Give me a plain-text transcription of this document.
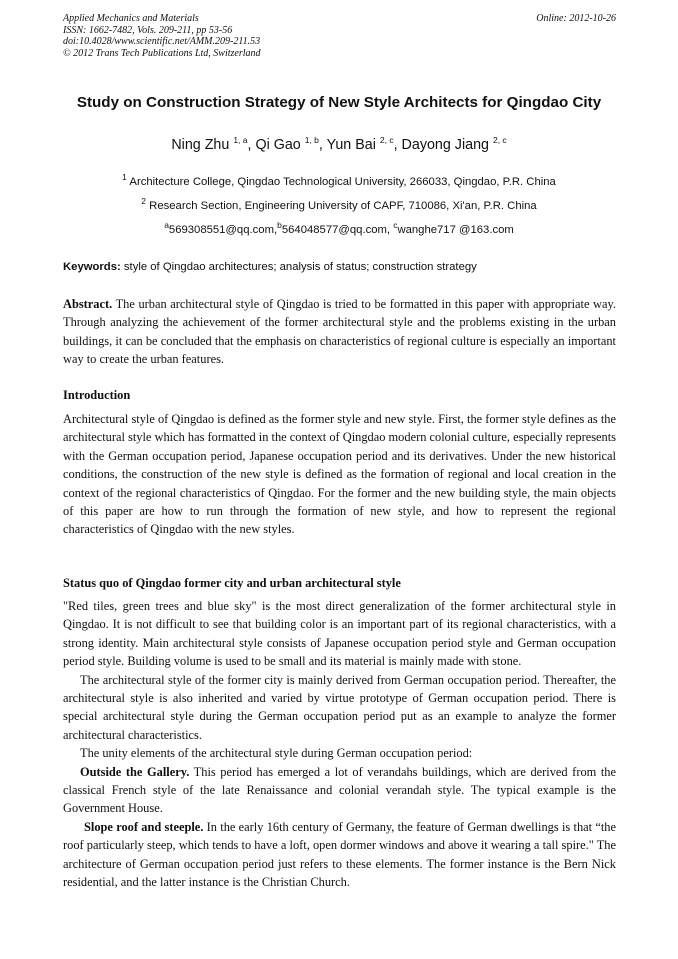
Applied Mechanics and Materials
ISSN: 1662-7482, Vols. 209-211, pp 53-56
doi:10.4028/www.scientific.net/AMM.209-211.53
© 2012 Trans Tech Publications Ltd, Switzerland
Online: 2012-10-26
Study on Construction Strategy of New Style Architects for Qingdao City
Ning Zhu $^{1, a}$, Qi Gao $^{1, b}$, Yun Bai $^{2, c}$, Dayong Jiang $^{2, c}$
$^1$ Architecture College, Qingdao Technological University, 266033, Qingdao, P.R. China
$^2$ Research Section, Engineering University of CAPF, 710086, Xi'an, P.R. China
$^a$569308551@qq.com,$^b$564048577@qq.com, $^c$wanghe717 @163.com
Keywords: style of Qingdao architectures; analysis of status; construction strategy
Abstract. The urban architectural style of Qingdao is tried to be formatted in this paper with appropriate way. Through analyzing the achievement of the former architectural style and the problems existing in the urban buildings, it can be concluded that the emphasis on characteristics of regional culture is especially an important way to create the urban features.
Introduction

Architectural style of Qingdao is defined as the former style and new style. First, the former style defines as the architectural style which has formatted in the context of Qingdao modern colonial culture, especially represents with the German occupation period, Japanese occupation period and its derivatives. Under the new historical conditions, the construction of the new style is defined as the formation of regional and local creation in the context of the regional characteristics of Qingdao. For the former and the new building style, the main objects of this paper are how to run through the formation of new style, and how to represent the regional characteristics of Qingdao with the new styles.

Status quo of Qingdao former city and urban architectural style

"Red tiles, green trees and blue sky" is the most direct generalization of the former architectural style in Qingdao. It is not difficult to see that building color is an important part of its regional characteristics, with a strong identity. Main architectural style consists of Japanese occupation period style and German occupation period style. Building volume is used to be small and its material is mainly made with stone.

The architectural style of the former city is mainly derived from German occupation period. Thereafter, the architectural style is also inherited and varied by virtue prototype of German occupation period. There is special architectural style during the German occupation period put as an example to analyze the former architectural characteristics.

The unity elements of the architectural style during German occupation period:

Outside the Gallery. This period has emerged a lot of verandahs buildings, which are derived from the classical French style of the late Renaissance and colonial verandah style. The typical example is the Government House.

Slope roof and steeple. In the early 16th century of Germany, the feature of German dwellings is that “the roof particularly steep, which tends to have a loft, open dormer windows and above it wearing a tall spire." The architecture of German occupation period just refers to these elements. The former instance is the Bern Nick residential, and the latter instance is the Christian Church.
